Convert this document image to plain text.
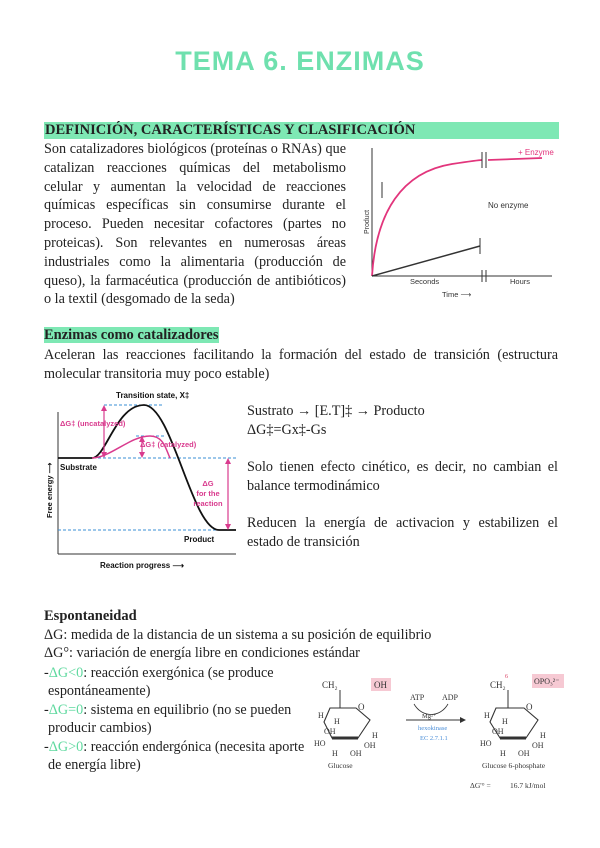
TEMA 6. ENZIMAS
DEFINICIÓN, CARACTERÍSTICAS Y CLASIFICACIÓN
Son catalizadores biológicos (proteínas o RNAs) que
catalizan reacciones químicas del metabolismo
celular y aumentan la velocidad de reacciones
químicas específicas sin consumirse durante el
proceso. Pueden necesitar cofactores (partes no
proteicas). Son relevantes en numerosas áreas
industriales como la alimentaria (producción de
queso), la farmacéutica (producción de antibióticos)
o la textil (desgomado de la seda)
+ Enzyme
No enzyme
Product
Seconds	Hours
Time ⟶
Enzimas como catalizadores
Aceleran las reacciones facilitando la formación del estado de transición (estructura
molecular transitoria muy poco estable)
Transition state, X‡
ΔG‡ (uncatalyzed)
ΔG‡ (catalyzed)
Substrate
ΔG
for the
reaction
Product
Free energy ⟶
Reaction progress ⟶
Sustrato → [E.T]‡ → Producto
ΔG‡=Gx‡-Gs
Solo tienen efecto cinético, es decir, no cambian el
balance termodinámico
Reducen la energía de activacion y estabilizen el
estado de transición
Espontaneidad
ΔG: medida de la distancia de un sistema a su posición de equilibrio
ΔG°: variación de energía libre en condiciones estándar
-ΔG<0: reacción exergónica (se produce
espontáneamente)
-ΔG=0: sistema en equilibrio (no se pueden
producir cambios)
-ΔG>0: reacción endergónica (necesita aporte
de energía libre)
CH₂	OH
O
H
H
H
OH
OH
HO
H OH
Glucose
ATP ADP
Mg²⁺
hexokinase
EC 2.7.1.1
CH₂
6	OPO₃²⁻
O
H
H
H
OH
OH
HO
H OH
Glucose 6-phosphate
ΔG'° =	16.7 kJ/mol
